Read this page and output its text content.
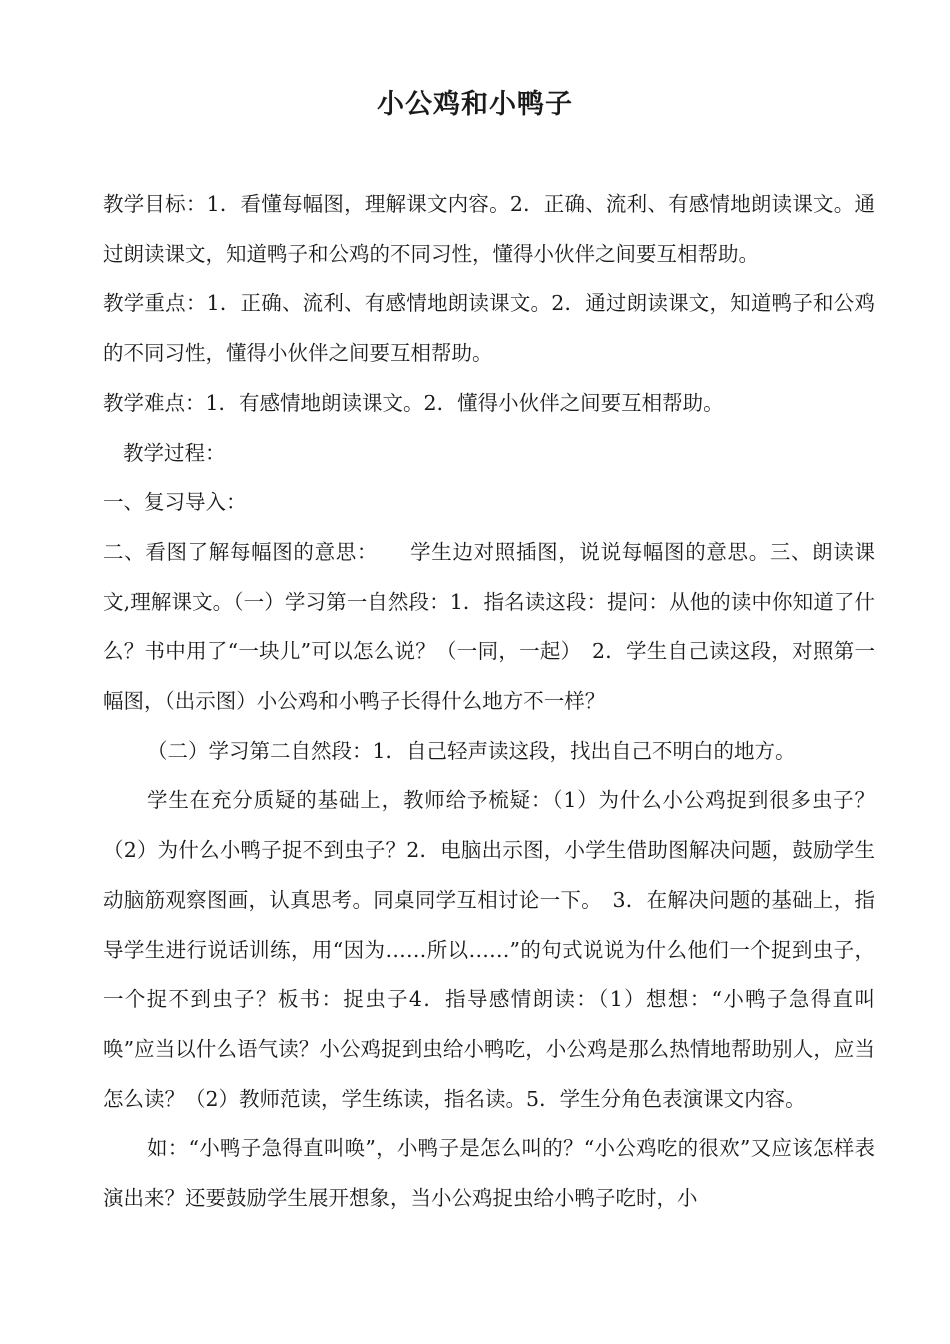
小公鸡和小鸭子

教学目标：1．看懂每幅图，理解课文内容。2．正确、流利、有感情地朗读课文。通过朗读课文，知道鸭子和公鸡的不同习性，懂得小伙伴之间要互相帮助。

教学重点：1．正确、流利、有感情地朗读课文。2．通过朗读课文，知道鸭子和公鸡的不同习性，懂得小伙伴之间要互相帮助。

教学难点：1．有感情地朗读课文。2．懂得小伙伴之间要互相帮助。

教学过程：

一、复习导入：

二、看图了解每幅图的意思：　　学生边对照插图，说说每幅图的意思。三、朗读课文,理解课文。（一）学习第一自然段：1．指名读这段：提问：从他的读中你知道了什么？书中用了“一块儿”可以怎么说？（一同，一起）　2．学生自己读这段，对照第一幅图，（出示图）小公鸡和小鸭子长得什么地方不一样？

（二）学习第二自然段：1．自己轻声读这段，找出自己不明白的地方。

学生在充分质疑的基础上，教师给予梳疑：（1）为什么小公鸡捉到很多虫子？（2）为什么小鸭子捉不到虫子？2．电脑出示图，小学生借助图解决问题，鼓励学生动脑筋观察图画，认真思考。同桌同学互相讨论一下。　3．在解决问题的基础上，指导学生进行说话训练，用“因为……所以……”的句式说说为什么他们一个捉到虫子，一个捉不到虫子？板书：捉虫子4．指导感情朗读：（1）想想：“小鸭子急得直叫唤”应当以什么语气读？小公鸡捉到虫给小鸭吃，小公鸡是那么热情地帮助别人，应当怎么读？（2）教师范读，学生练读，指名读。5．学生分角色表演课文内容。

如：“小鸭子急得直叫唤”，小鸭子是怎么叫的？“小公鸡吃的很欢”又应该怎样表演出来？还要鼓励学生展开想象，当小公鸡捉虫给小鸭子吃时，小
